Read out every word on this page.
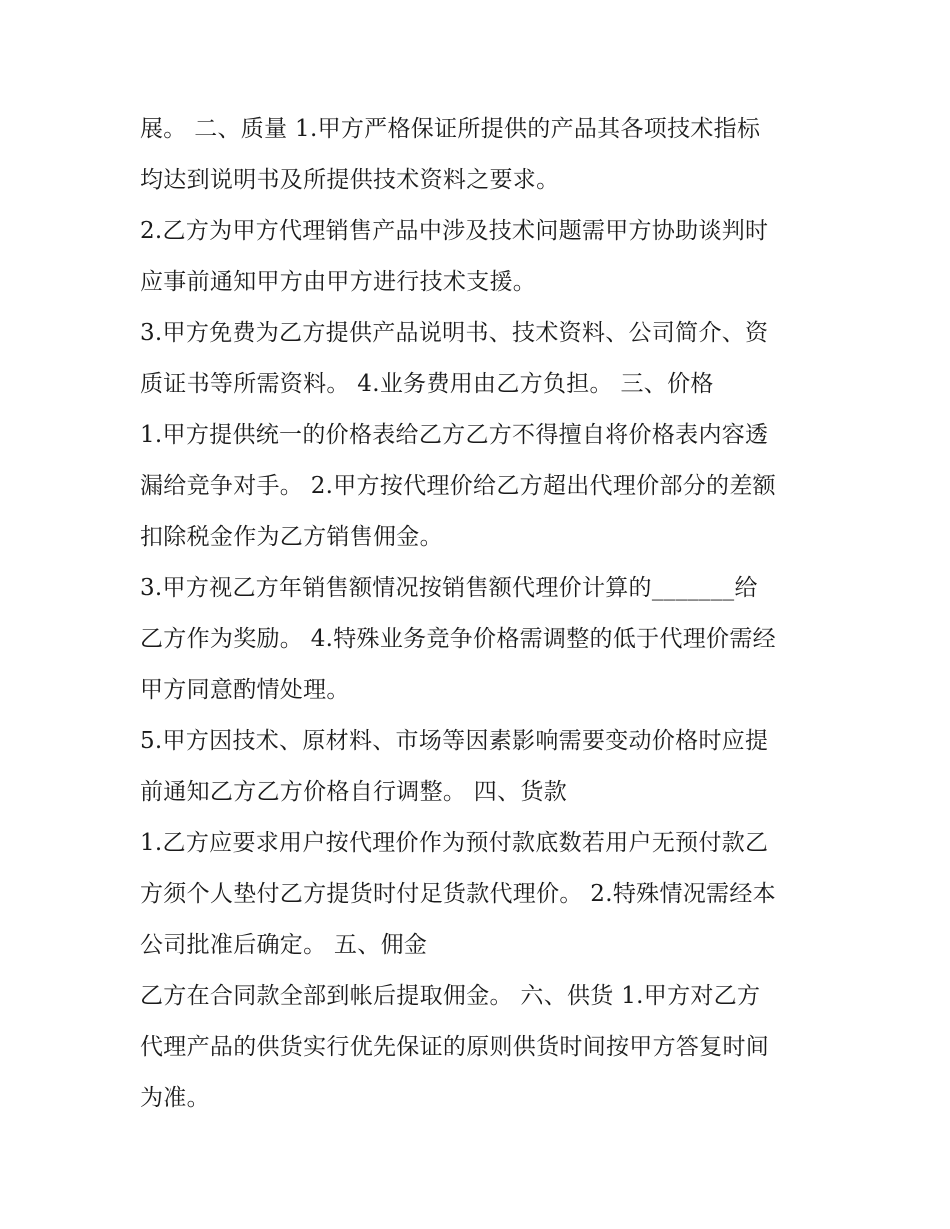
展。 二、质量 1.甲方严格保证所提供的产品其各项技术指标
均达到说明书及所提供技术资料之要求。
2.乙方为甲方代理销售产品中涉及技术问题需甲方协助谈判时
应事前通知甲方由甲方进行技术支援。
3.甲方免费为乙方提供产品说明书、技术资料、公司简介、资
质证书等所需资料。 4.业务费用由乙方负担。 三、价格
1.甲方提供统一的价格表给乙方乙方不得擅自将价格表内容透
漏给竞争对手。 2.甲方按代理价给乙方超出代理价部分的差额
扣除税金作为乙方销售佣金。
3.甲方视乙方年销售额情况按销售额代理价计算的_______给
乙方作为奖励。 4.特殊业务竞争价格需调整的低于代理价需经
甲方同意酌情处理。
5.甲方因技术、原材料、市场等因素影响需要变动价格时应提
前通知乙方乙方价格自行调整。 四、货款
1.乙方应要求用户按代理价作为预付款底数若用户无预付款乙
方须个人垫付乙方提货时付足货款代理价。 2.特殊情况需经本
公司批准后确定。 五、佣金
乙方在合同款全部到帐后提取佣金。 六、供货 1.甲方对乙方
代理产品的供货实行优先保证的原则供货时间按甲方答复时间
为准。
